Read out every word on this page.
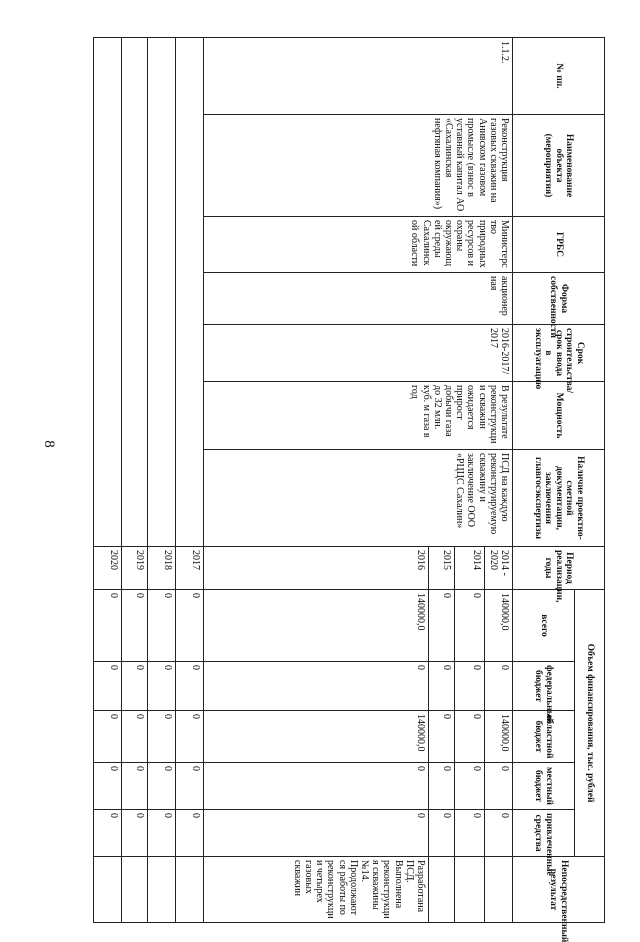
8
№ пп.	Наименование объекта (мероприятия)	ГРБС	Форма собственности	Срок строительства/срок ввода в эксплуатацию	Мощность	Наличие проектно-сметной документации, заключения главгосэкспертизы	Период реализации, годы	Объем финансирования, тыс. рублей					Непосредственный результат
								всего	федеральный бюджет	областной бюджет	местный бюджет	привлеченные средства	
1.1.2.	Реконструкция газовых скважин на Анивском газовом промысле (взнос в уставный капитал АО «Сахалинская нефтяная компания»)	Министерство природных ресурсов и охраны окружающей среды Сахалинской области	акционерная	2016-2017/ 2017	В результате реконструкции скважин ожидается прирост добычи газа до 32 млн. куб. м газа в год	ПСД на каждую реконструируемую скважину и заключение ООО «РЦЦС Сахалин»	2014 - 2020	140000,0	0	140000,0	0	0	
							2014	0	0	0	0	0	
							2015	0	0	0	0	0	
							2016	140000,0	0	140000,0	0	0	Разработана ПСД. Выполнена реконструкция скважины №14. Продолжаются работы по реконструкции четырех газовых скважин
							2017	0	0	0	0	0	
							2018	0	0	0	0	0	
							2019	0	0	0	0	0	
							2020	0	0	0	0	0	
